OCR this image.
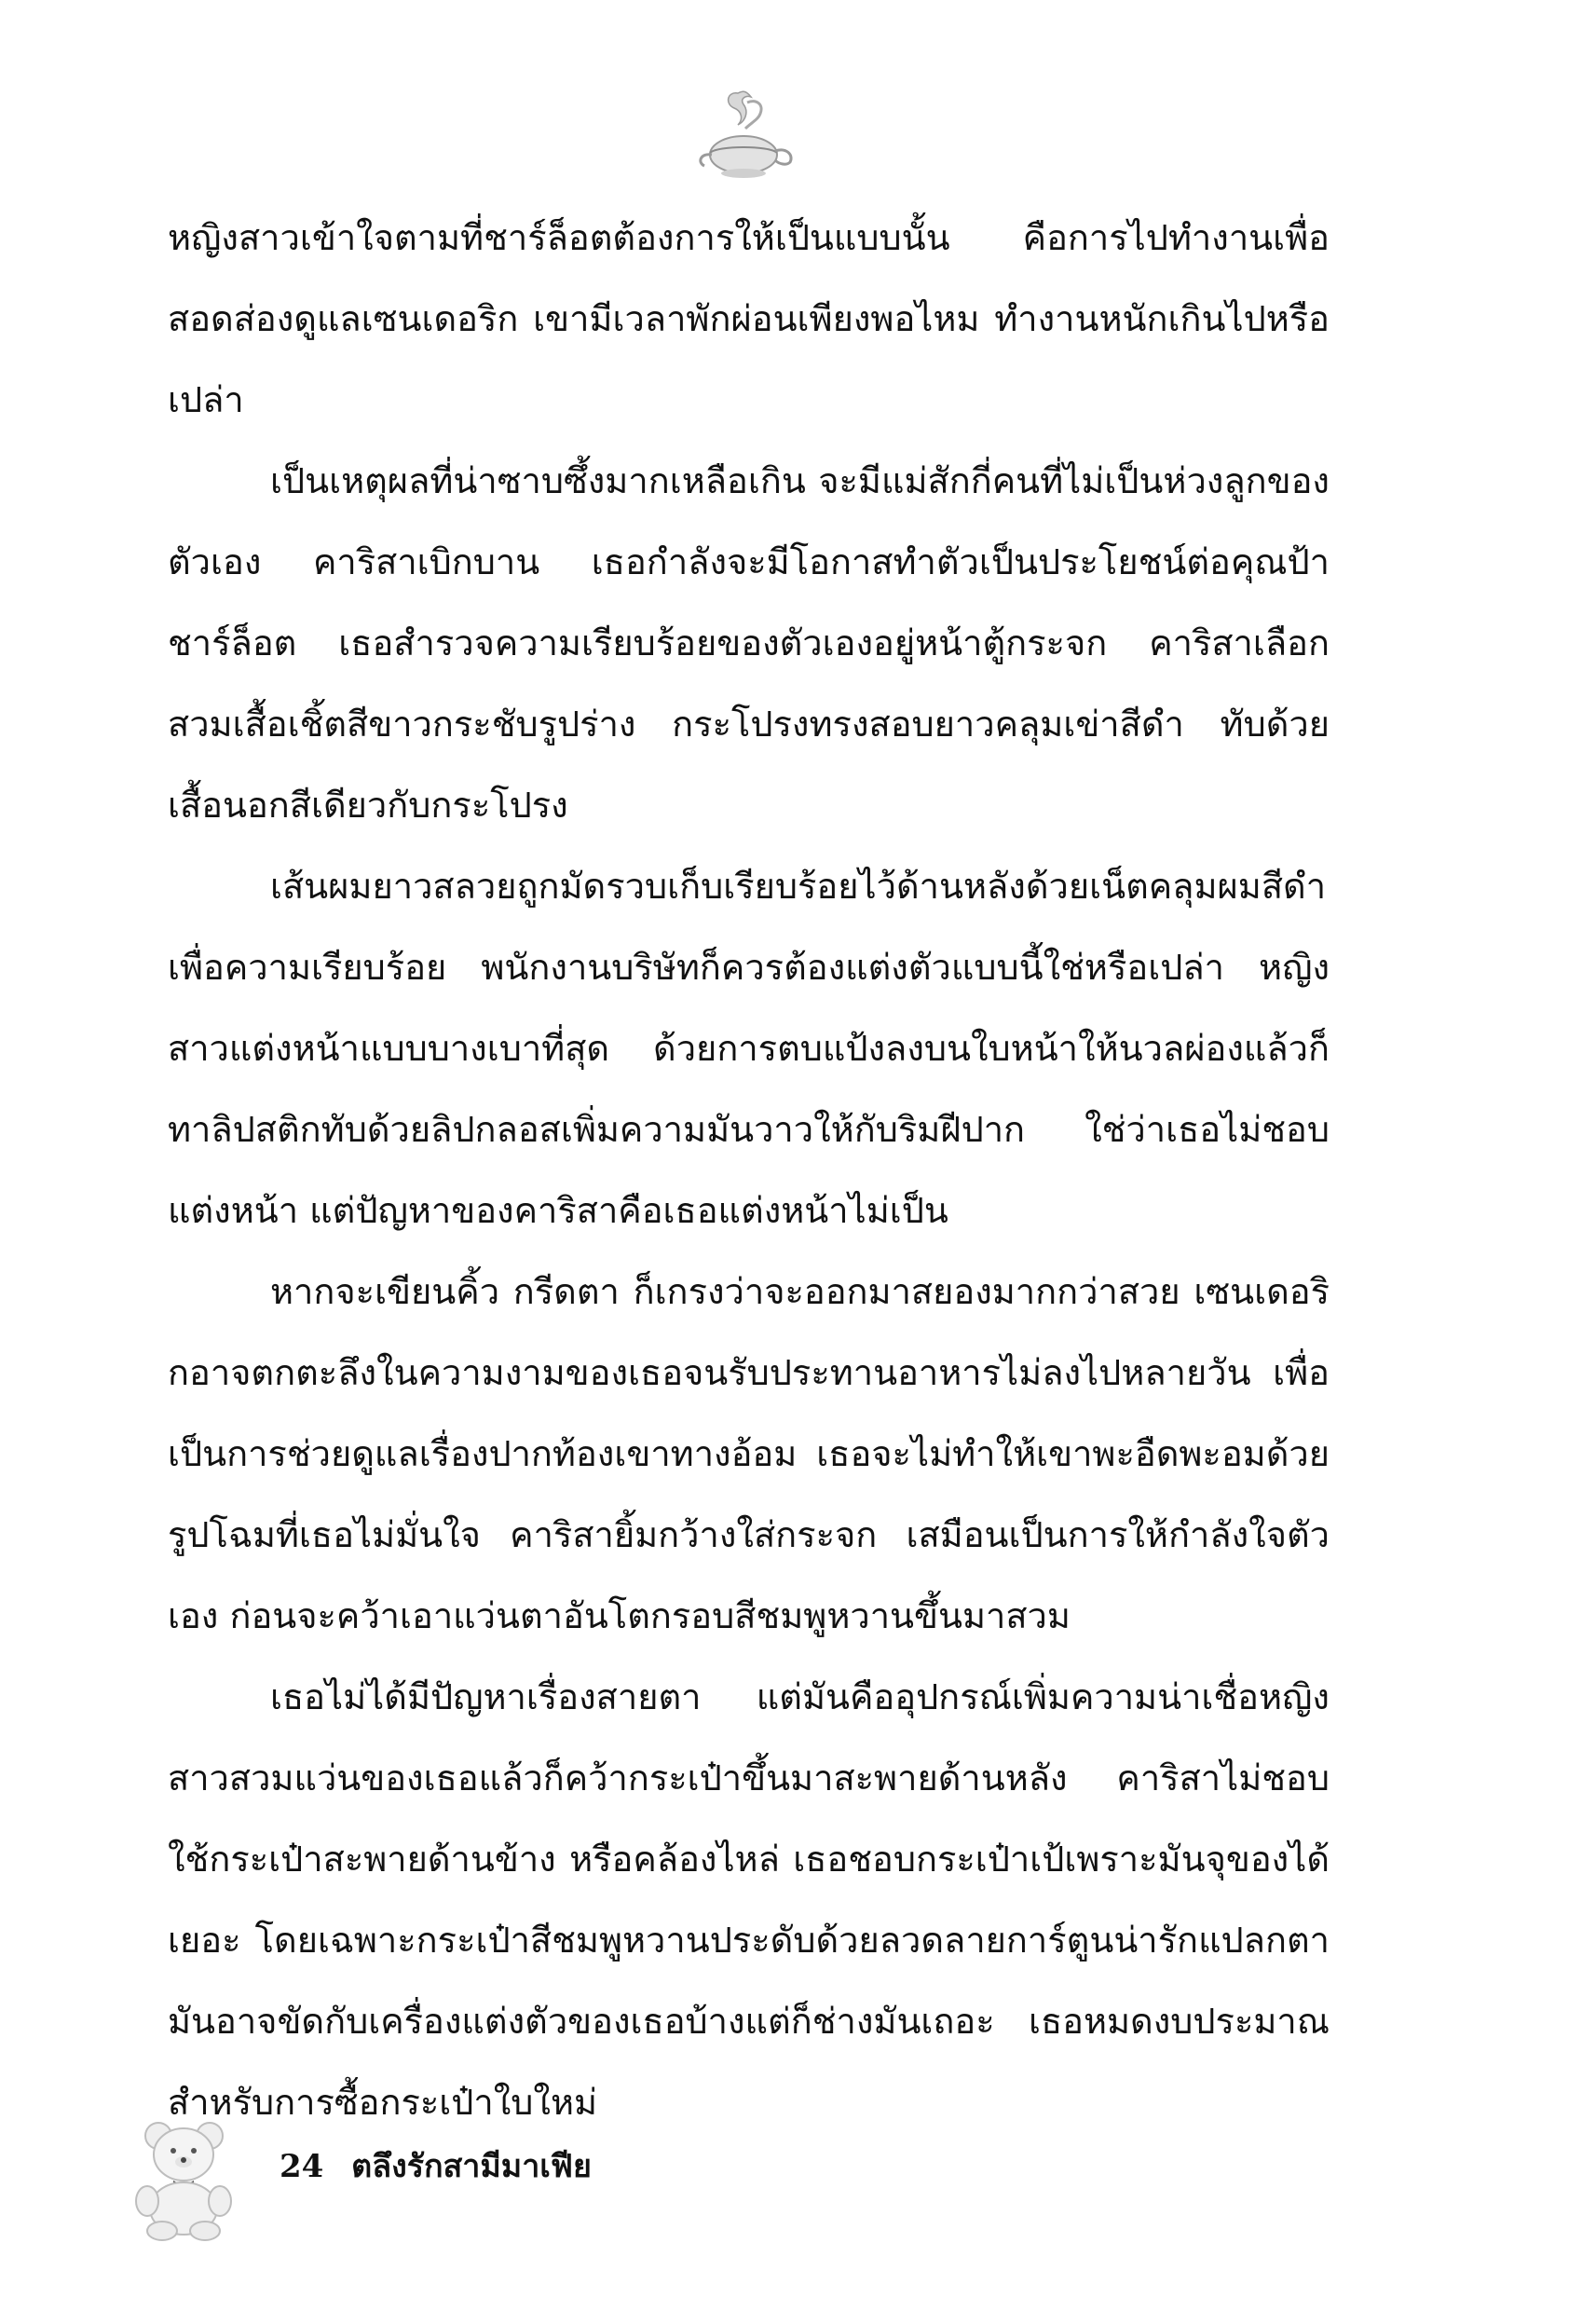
หญิงสาวเข้าใจตามที่ชาร์ล็อตต้องการให้เป็นแบบนั้น คือการไปทำงานเพื่อสอดส่องดูแลเซนเดอริก เขามีเวลาพักผ่อนเพียงพอไหม ทำงานหนักเกินไปหรือเปล่า

เป็นเหตุผลที่น่าซาบซึ้งมากเหลือเกิน จะมีแม่สักกี่คนที่ไม่เป็นห่วงลูกของตัวเอง คาริสาเบิกบาน เธอกำลังจะมีโอกาสทำตัวเป็นประโยชน์ต่อคุณป้าชาร์ล็อต เธอสำรวจความเรียบร้อยของตัวเองอยู่หน้าตู้กระจก คาริสาเลือกสวมเสื้อเชิ้ตสีขาวกระชับรูปร่าง กระโปรงทรงสอบยาวคลุมเข่าสีดำ ทับด้วยเสื้อนอกสีเดียวกับกระโปรง

เส้นผมยาวสลวยถูกมัดรวบเก็บเรียบร้อยไว้ด้านหลังด้วยเน็ตคลุมผมสีดำเพื่อความเรียบร้อย พนักงานบริษัทก็ควรต้องแต่งตัวแบบนี้ใช่หรือเปล่า หญิงสาวแต่งหน้าแบบบางเบาที่สุด ด้วยการตบแป้งลงบนใบหน้าให้นวลผ่องแล้วก็ทาลิปสติกทับด้วยลิปกลอสเพิ่มความมันวาวให้กับริมฝีปาก ใช่ว่าเธอไม่ชอบแต่งหน้า แต่ปัญหาของคาริสาคือเธอแต่งหน้าไม่เป็น

หากจะเขียนคิ้ว กรีดตา ก็เกรงว่าจะออกมาสยองมากกว่าสวย เซนเดอริกอาจตกตะลึงในความงามของเธอจนรับประทานอาหารไม่ลงไปหลายวัน เพื่อเป็นการช่วยดูแลเรื่องปากท้องเขาทางอ้อม เธอจะไม่ทำให้เขาพะอืดพะอมด้วยรูปโฉมที่เธอไม่มั่นใจ คาริสายิ้มกว้างใส่กระจก เสมือนเป็นการให้กำลังใจตัวเอง ก่อนจะคว้าเอาแว่นตาอันโตกรอบสีชมพูหวานขึ้นมาสวม

เธอไม่ได้มีปัญหาเรื่องสายตา แต่มันคืออุปกรณ์เพิ่มความน่าเชื่อหญิงสาวสวมแว่นของเธอแล้วก็คว้ากระเป๋าขึ้นมาสะพายด้านหลัง คาริสาไม่ชอบใช้กระเป๋าสะพายด้านข้าง หรือคล้องไหล่ เธอชอบกระเป๋าเป้เพราะมันจุของได้เยอะ โดยเฉพาะกระเป๋าสีชมพูหวานประดับด้วยลวดลายการ์ตูนน่ารักแปลกตา มันอาจขัดกับเครื่องแต่งตัวของเธอบ้างแต่ก็ช่างมันเถอะ เธอหมดงบประมาณสำหรับการซื้อกระเป๋าใบใหม่

24 ตลึงรักสามีมาเฟีย
